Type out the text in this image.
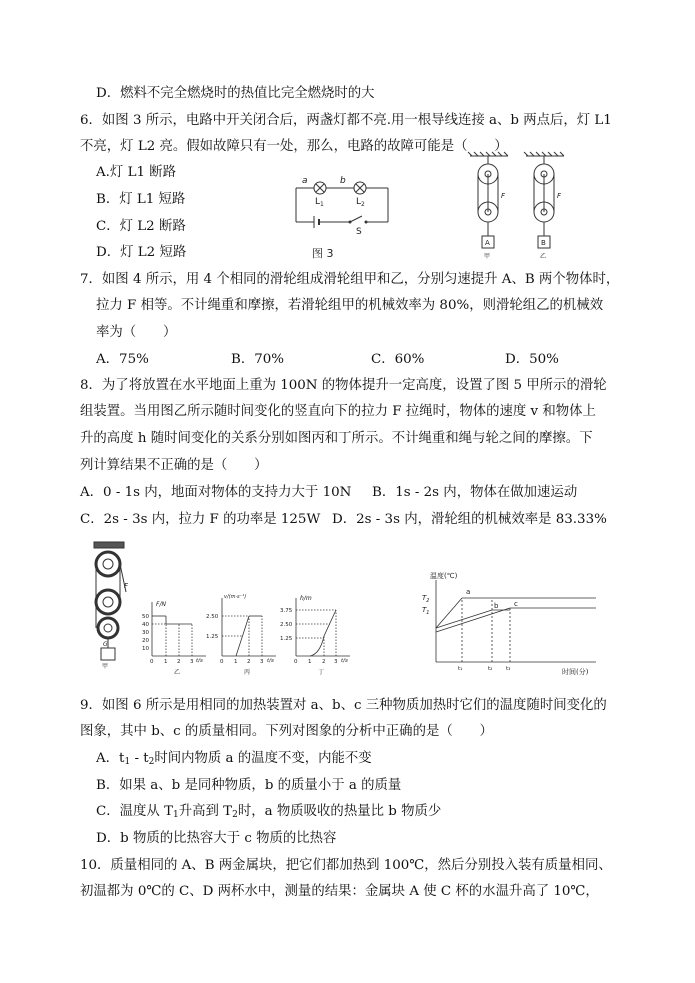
D．燃料不完全燃烧时的热值比完全燃烧时的大
6．如图 3 所示，电路中开关闭合后，两盏灯都不亮.用一根导线连接 a、b 两点后，灯 L1
不亮，灯 L2 亮。假如故障只有一处，那么，电路的故障可能是（　　）
A.灯 L1 断路
B．灯 L1 短路
C．灯 L2 断路
D．灯 L2 短路
a	b
$L_1$	$L_2$
S
图 3
F	F
A	B
甲	乙
7．如图 4 所示，用 4 个相同的滑轮组成滑轮组甲和乙，分别匀速提升 A、B 两个物体时，
拉力 F 相等。不计绳重和摩擦，若滑轮组甲的机械效率为 80%，则滑轮组乙的机械效
率为（　　）
A．75%	B．70%	C．60%	D．50%
8．为了将放置在水平地面上重为 100N 的物体提升一定高度，设置了图 5 甲所示的滑轮
组装置。当用图乙所示随时间变化的竖直向下的拉力 F 拉绳时，物体的速度 v 和物体上
升的高度 h 随时间变化的关系分别如图丙和丁所示。不计绳重和绳与轮之间的摩擦。下
列计算结果不正确的是（　　）
A．0 - 1s 内，地面对物体的支持力大于 10N B．1s - 2s 内，物体在做加速运动
C．2s - 3s 内，拉力 F 的功率是 125W D．2s - 3s 内，滑轮组的机械效率是 83.33%
F
G
甲
F/N
50
40
30
20
10
0 1 2 3 t/s
乙
v/(m·s⁻¹)
2.50
1.25
0 1 2 3 t/s
丙
h/m
3.75
2.50
1.25
0 1 2 3 t/s
丁
温度(℃)
$T_2$
$T_1$
a
b c
t₁	t₂ t₃	时间(分)
9．如图 6 所示是用相同的加热装置对 a、b、c 三种物质加热时它们的温度随时间变化的
图象，其中 b、c 的质量相同。下列对图象的分析中正确的是（　　）
A．$t_1 - t_2$时间内物质 a 的温度不变，内能不变
B．如果 a、b 是同种物质，b 的质量小于 a 的质量
C．温度从 $T_1$升高到 $T_2$时，a 物质吸收的热量比 b 物质少
D．b 物质的比热容大于 c 物质的比热容
10．质量相同的 A、B 两金属块，把它们都加热到 100℃，然后分别投入装有质量相同、
初温都为 0℃的 C、D 两杯水中，测量的结果：金属块 A 使 C 杯的水温升高了 10℃，
